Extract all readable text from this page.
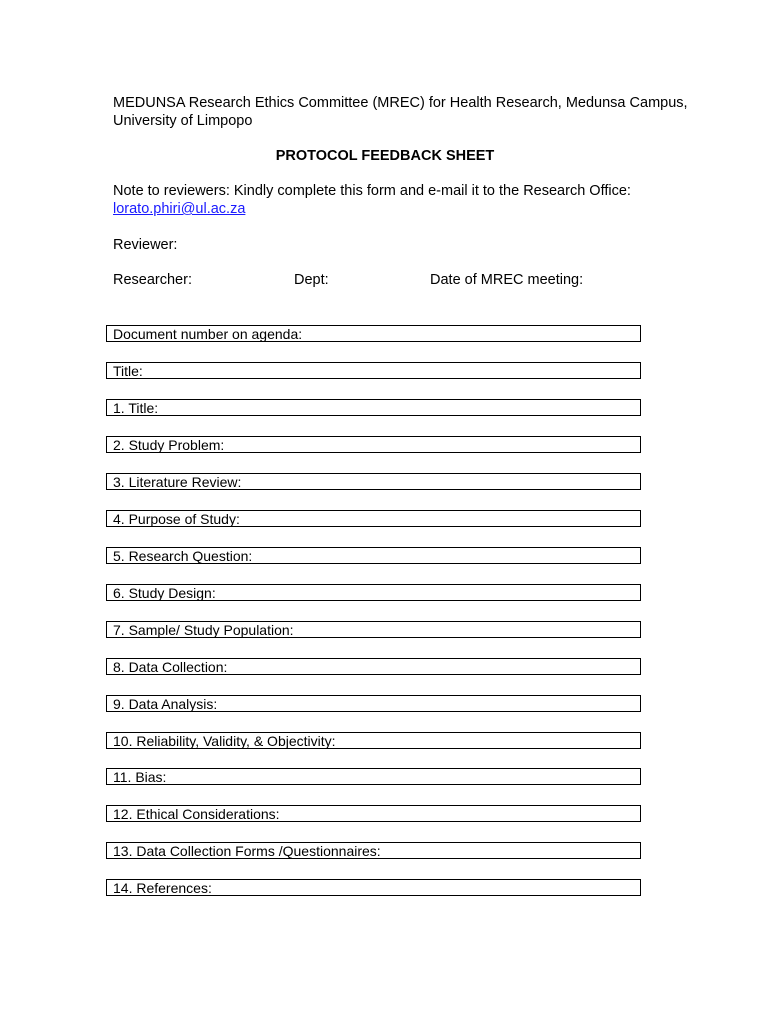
MEDUNSA Research Ethics Committee (MREC) for Health Research, Medunsa Campus,
University of Limpopo
PROTOCOL FEEDBACK SHEET
Note to reviewers: Kindly complete this form and e-mail it to the Research Office:
lorato.phiri@ul.ac.za
Reviewer:
Researcher:	Dept:	Date of MREC meeting:
Document number on agenda:
Title:
1. Title:
2. Study Problem:
3. Literature Review:
4. Purpose of Study:
5. Research Question:
6. Study Design:
7. Sample/ Study Population:
8. Data Collection:
9. Data Analysis:
10. Reliability, Validity, & Objectivity:
11. Bias:
12. Ethical Considerations:
13. Data Collection Forms /Questionnaires:
14. References:
